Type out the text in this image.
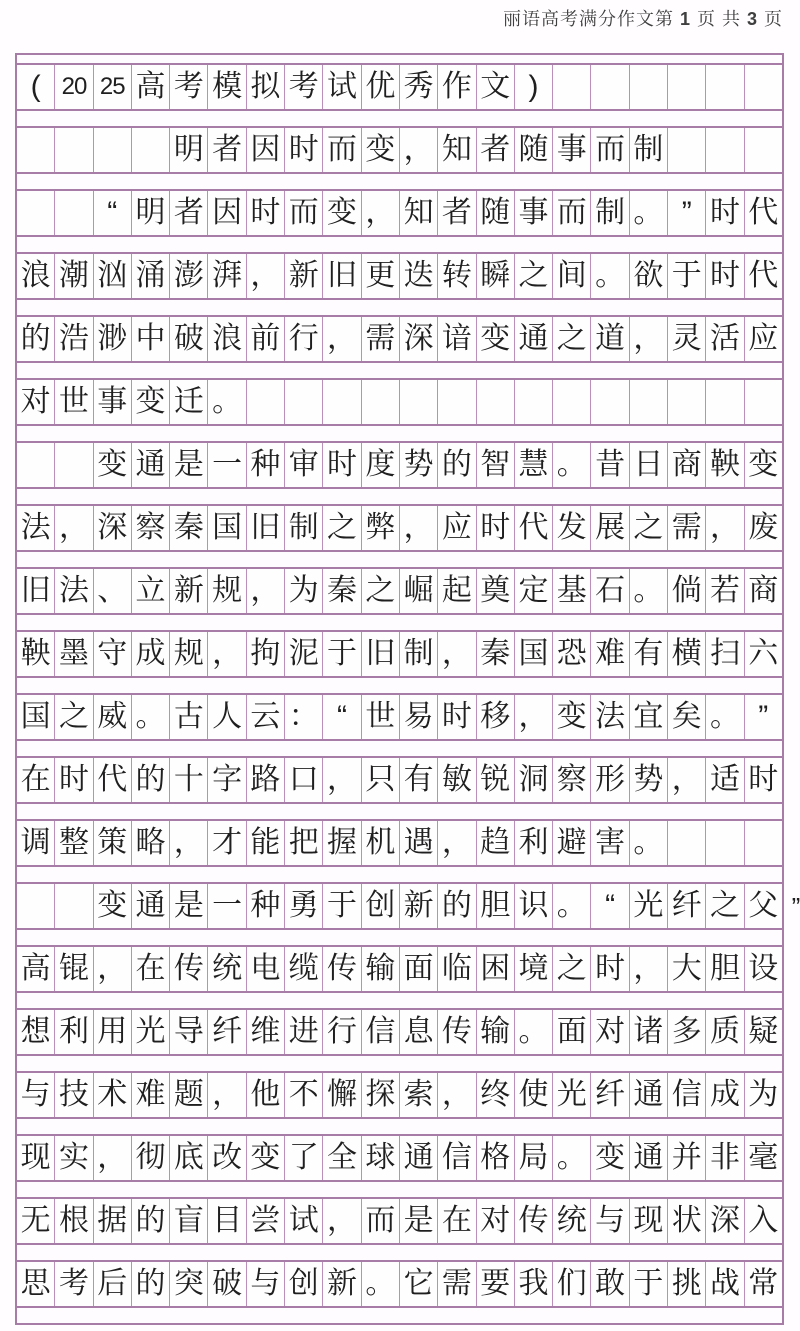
丽语高考满分作文第 1 页 共 3 页
( 20 25 高 考 模 拟 考 试 优 秀 作 文 )
明 者 因 时 而 变 ， 知 者 随 事 而 制
“ 明 者 因 时 而 变 ， 知 者 随 事 而 制 。 ” 时 代
浪 潮 汹 涌 澎 湃 ， 新 旧 更 迭 转 瞬 之 间 。 欲 于 时 代
的 浩 渺 中 破 浪 前 行 ， 需 深 谙 变 通 之 道 ， 灵 活 应
对 世 事 变 迁 。
变 通 是 一 种 审 时 度 势 的 智 慧 。 昔 日 商 鞅 变
法 ， 深 察 秦 国 旧 制 之 弊 ， 应 时 代 发 展 之 需 ， 废
旧 法 、 立 新 规 ， 为 秦 之 崛 起 奠 定 基 石 。 倘 若 商
鞅 墨 守 成 规 ， 拘 泥 于 旧 制 ， 秦 国 恐 难 有 横 扫 六
国 之 威 。 古 人 云 ： “ 世 易 时 移 ， 变 法 宜 矣 。 ”
在 时 代 的 十 字 路 口 ， 只 有 敏 锐 洞 察 形 势 ， 适 时
调 整 策 略 ， 才 能 把 握 机 遇 ， 趋 利 避 害 。
变 通 是 一 种 勇 于 创 新 的 胆 识 。 “ 光 纤 之 父
高 锟 ， 在 传 统 电 缆 传 输 面 临 困 境 之 时 ， 大 胆 设
想 利 用 光 导 纤 维 进 行 信 息 传 输 。 面 对 诸 多 质 疑
与 技 术 难 题 ， 他 不 懈 探 索 ， 终 使 光 纤 通 信 成 为
现 实 ， 彻 底 改 变 了 全 球 通 信 格 局 。 变 通 并 非 毫
无 根 据 的 盲 目 尝 试 ， 而 是 在 对 传 统 与 现 状 深 入
思 考 后 的 突 破 与 创 新 。 它 需 要 我 们 敢 于 挑 战 常
”
